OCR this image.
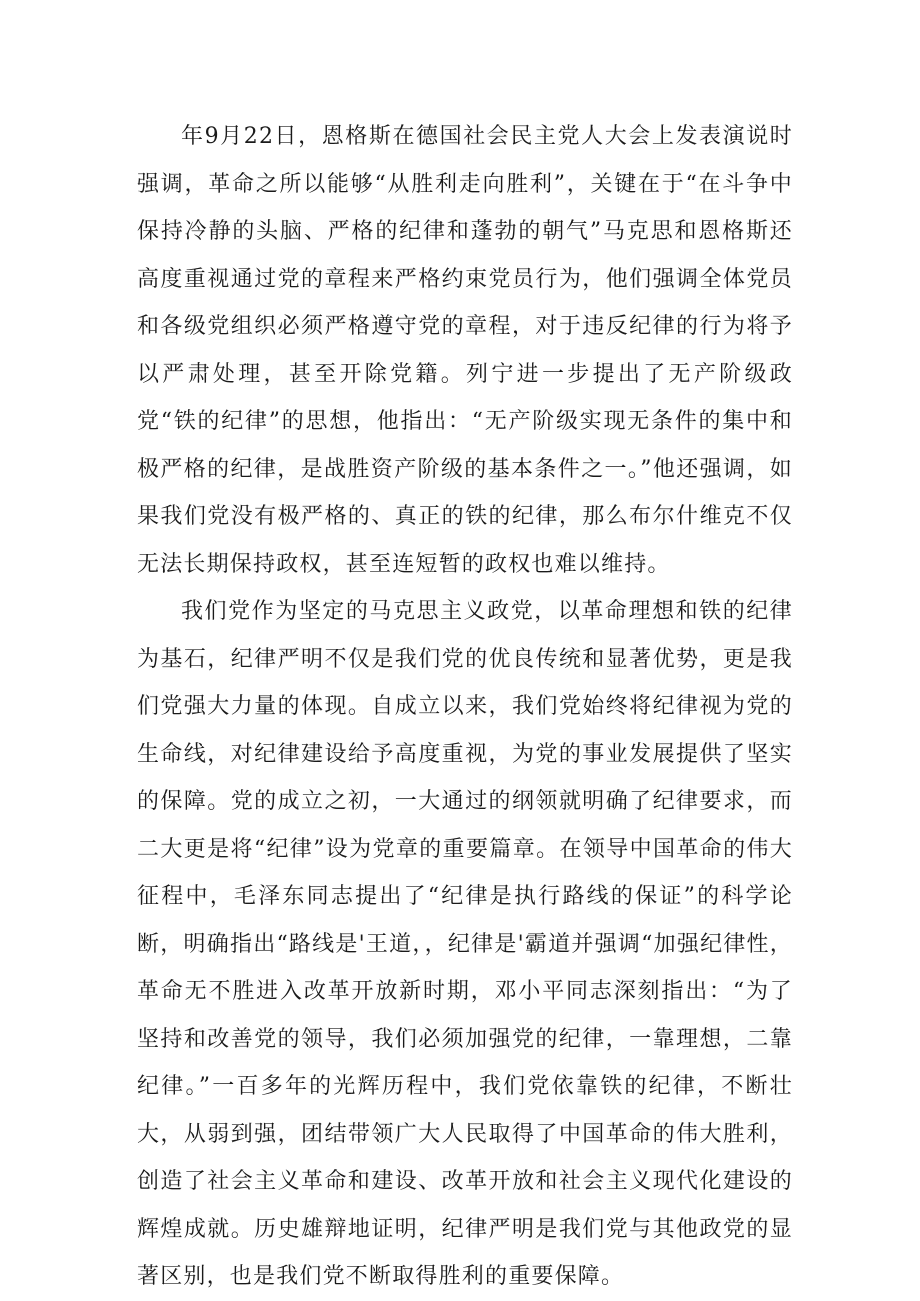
年9月22日，恩格斯在德国社会民主党人大会上发表演说时强调，革命之所以能够“从胜利走向胜利”，关键在于“在斗争中保持冷静的头脑、严格的纪律和蓬勃的朝气”马克思和恩格斯还高度重视通过党的章程来严格约束党员行为，他们强调全体党员和各级党组织必须严格遵守党的章程，对于违反纪律的行为将予以严肃处理，甚至开除党籍。列宁进一步提出了无产阶级政党“铁的纪律”的思想，他指出：“无产阶级实现无条件的集中和极严格的纪律，是战胜资产阶级的基本条件之一。”他还强调，如果我们党没有极严格的、真正的铁的纪律，那么布尔什维克不仅无法长期保持政权，甚至连短暂的政权也难以维持。

我们党作为坚定的马克思主义政党，以革命理想和铁的纪律为基石，纪律严明不仅是我们党的优良传统和显著优势，更是我们党强大力量的体现。自成立以来，我们党始终将纪律视为党的生命线，对纪律建设给予高度重视，为党的事业发展提供了坚实的保障。党的成立之初，一大通过的纲领就明确了纪律要求，而二大更是将“纪律”设为党章的重要篇章。在领导中国革命的伟大征程中，毛泽东同志提出了“纪律是执行路线的保证”的科学论断，明确指出“路线是'王道，，纪律是'霸道并强调“加强纪律性，革命无不胜进入改革开放新时期，邓小平同志深刻指出：“为了坚持和改善党的领导，我们必须加强党的纪律，一靠理想，二靠纪律。”一百多年的光辉历程中，我们党依靠铁的纪律，不断壮大，从弱到强，团结带领广大人民取得了中国革命的伟大胜利，创造了社会主义革命和建设、改革开放和社会主义现代化建设的辉煌成就。历史雄辩地证明，纪律严明是我们党与其他政党的显著区别，也是我们党不断取得胜利的重要保障。
